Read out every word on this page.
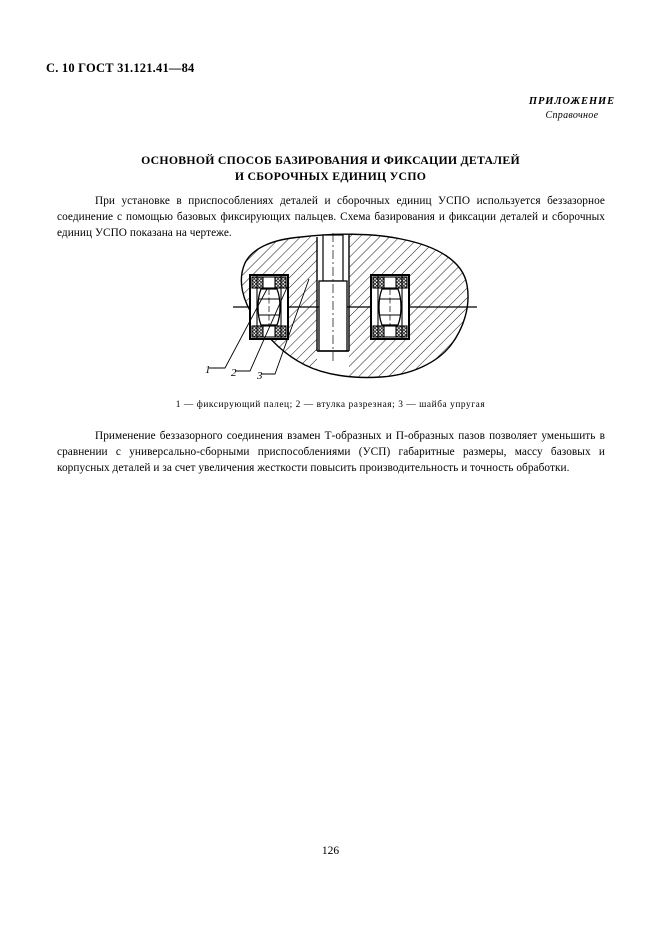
С. 10 ГОСТ 31.121.41—84
ПРИЛОЖЕНИЕ
Справочное
ОСНОВНОЙ СПОСОБ БАЗИРОВАНИЯ И ФИКСАЦИИ ДЕТАЛЕЙ
И СБОРОЧНЫХ ЕДИНИЦ УСПО
При установке в приспособлениях деталей и сборочных единиц УСПО используется беззазорное соединение с помощью базовых фиксирующих пальцев. Схема базирования и фиксации деталей и сборочных единиц УСПО показана на чертеже.
1 2 3
1 — фиксирующий палец; 2 — втулка разрезная; 3 — шайба упругая
Применение беззазорного соединения взамен Т-образных и П-образных пазов позволяет уменьшить в сравнении с универсально-сборными приспособлениями (УСП) габаритные размеры, массу базовых и корпусных деталей и за счет увеличения жесткости повысить производительность и точность обработки.
126
